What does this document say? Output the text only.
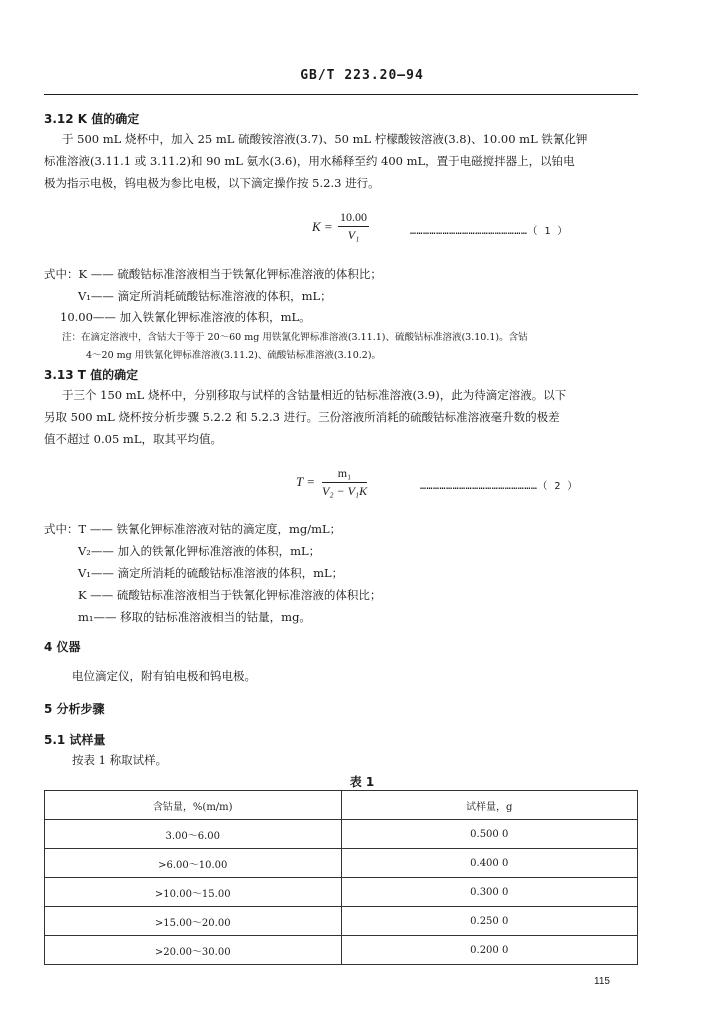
GB/T 223.20—94
3.12 K 值的确定
于 500 mL 烧杯中，加入 25 mL 硫酸铵溶液(3.7)、50 mL 柠檬酸铵溶液(3.8)、10.00 mL 铁氰化钾
标准溶液(3.11.1 或 3.11.2)和 90 mL 氨水(3.6)，用水稀释至约 400 mL，置于电磁搅拌器上，以铂电
极为指示电极，钨电极为参比电极，以下滴定操作按 5.2.3 进行。
$K = \frac{10.00}{\text{V₁}}$	………………………………………………（ 1 ）
式中：K —— 硫酸钴标准溶液相当于铁氰化钾标准溶液的体积比；
V₁—— 滴定所消耗硫酸钴标准溶液的体积，mL；
10.00—— 加入铁氰化钾标准溶液的体积，mL。
注：在滴定溶液中，含钴大于等于 20～60 mg 用铁氰化钾标准溶液(3.11.1)、硫酸钴标准溶液(3.10.1)。含钴
4～20 mg 用铁氰化钾标准溶液(3.11.2)、硫酸钴标准溶液(3.10.2)。
3.13 T 值的确定
于三个 150 mL 烧杯中，分别移取与试样的含钴量相近的钴标准溶液(3.9)，此为待滴定溶液。以下
另取 500 mL 烧杯按分析步骤 5.2.2 和 5.2.3 进行。三份溶液所消耗的硫酸钴标准溶液毫升数的极差
值不超过 0.05 mL，取其平均值。
$T = \frac{\text{m₁}}{\text{V₂ − V₁K}}$	………………………………………………（ 2 ）
式中：T —— 铁氰化钾标准溶液对钴的滴定度，mg/mL；
V₂—— 加入的铁氰化钾标准溶液的体积，mL；
V₁—— 滴定所消耗的硫酸钴标准溶液的体积，mL；
K —— 硫酸钴标准溶液相当于铁氰化钾标准溶液的体积比；
m₁—— 移取的钴标准溶液相当的钴量，mg。
4 仪器
电位滴定仪，附有铂电极和钨电极。
5 分析步骤
5.1 试样量
按表 1 称取试样。
表 1
含钴量，%(m/m)	试样量，g
3.00～6.00	0.500 0
>6.00～10.00	0.400 0
>10.00～15.00	0.300 0
>15.00～20.00	0.250 0
>20.00～30.00	0.200 0
115
